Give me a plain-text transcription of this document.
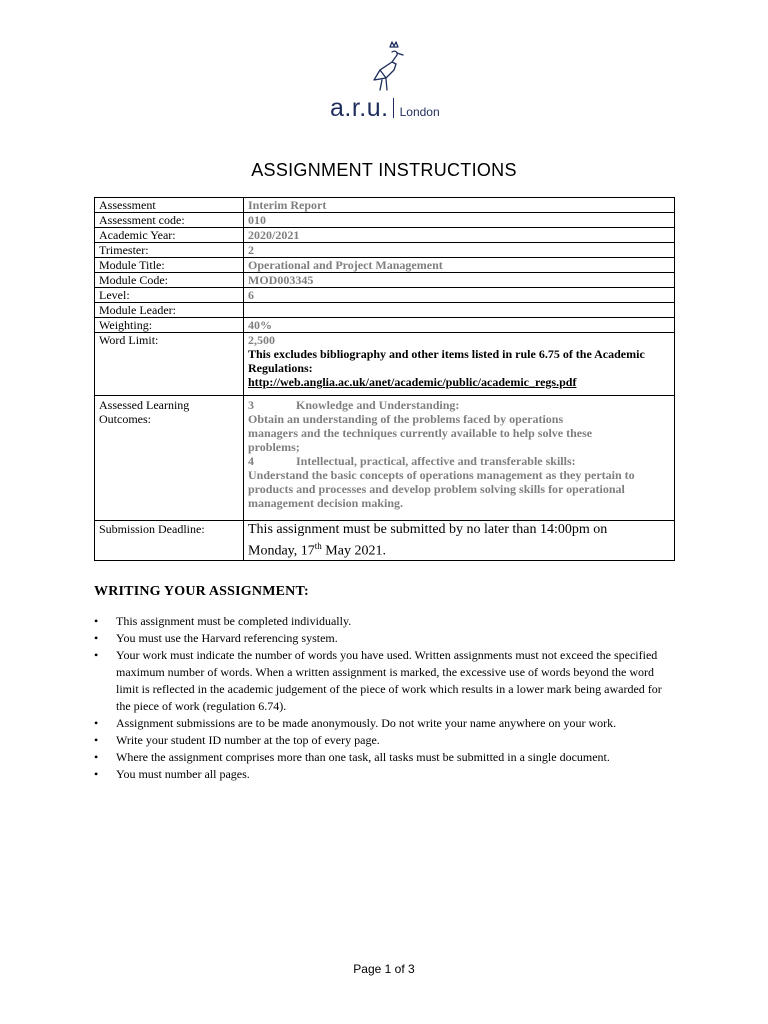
a.r.u. London
ASSIGNMENT INSTRUCTIONS
Assessment	Interim Report
Assessment code:	010
Academic Year:	2020/2021
Trimester:	2
Module Title:	Operational and Project Management
Module Code:	MOD003345
Level:	6
Module Leader:	
Weighting:	40%
Word Limit:	2,500
This excludes bibliography and other items listed in rule 6.75 of the Academic Regulations:
http://web.anglia.ac.uk/anet/academic/public/academic_regs.pdf

Assessed Learning Outcomes:	3 Knowledge and Understanding:
Obtain an understanding of the problems faced by operations managers and the techniques currently available to help solve these problems;
4 Intellectual, practical, affective and transferable skills:
Understand the basic concepts of operations management as they pertain to products and processes and develop problem solving skills for operational management decision making.

Submission Deadline:	This assignment must be submitted by no later than 14:00pm on
Monday, 17th May 2021.
WRITING YOUR ASSIGNMENT:
• This assignment must be completed individually.
• You must use the Harvard referencing system.
• Your work must indicate the number of words you have used. Written assignments must not exceed the specified maximum number of words. When a written assignment is marked, the excessive use of words beyond the word limit is reflected in the academic judgement of the piece of work which results in a lower mark being awarded for the piece of work (regulation 6.74).
• Assignment submissions are to be made anonymously. Do not write your name anywhere on your work.
• Write your student ID number at the top of every page.
• Where the assignment comprises more than one task, all tasks must be submitted in a single document.
• You must number all pages.
Page 1 of 3
